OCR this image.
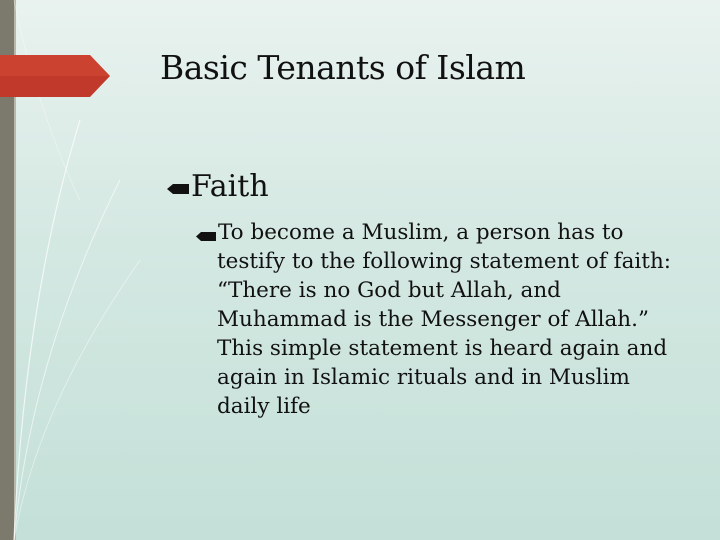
Basic Tenants of Islam
Faith
To become a Muslim, a person has to
testify to the following statement of faith: “There is no God but Allah, and Muhammad is the Messenger of Allah.” This simple statement is heard again and again in Islamic rituals and in Muslim daily life
